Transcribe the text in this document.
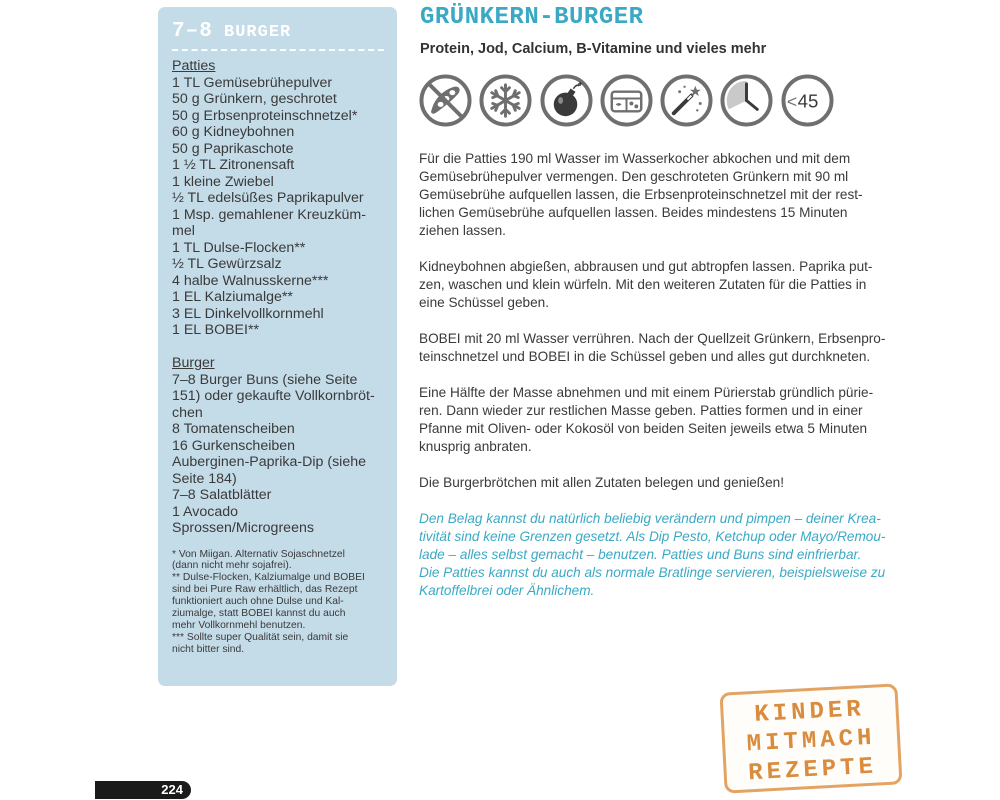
7–8 BURGER
Patties
1 TL Gemüsebrühepulver
50 g Grünkern, geschrotet
50 g Erbsenproteinschnetzel*
60 g Kidneybohnen
50 g Paprikaschote
1 ½ TL Zitronensaft
1 kleine Zwiebel
½ TL edelsüßes Paprikapulver
1 Msp. gemahlener Kreuzküm-
mel
1 TL Dulse-Flocken**
½ TL Gewürzsalz
4 halbe Walnusskerne***
1 EL Kalziumalge**
3 EL Dinkelvollkornmehl
1 EL BOBEI**
Burger
7–8 Burger Buns (siehe Seite
151) oder gekaufte Vollkornbröt-
chen
8 Tomatenscheiben
16 Gurkenscheiben
Auberginen-Paprika-Dip (siehe
Seite 184)
7–8 Salatblätter
1 Avocado
Sprossen/Microgreens
* Von Miigan. Alternativ Sojaschnetzel
(dann nicht mehr sojafrei).
** Dulse-Flocken, Kalziumalge und BOBEI
sind bei Pure Raw erhältlich, das Rezept
funktioniert auch ohne Dulse und Kal-
ziumalge, statt BOBEI kannst du auch
mehr Vollkornmehl benutzen.
*** Sollte super Qualität sein, damit sie
nicht bitter sind.
GRÜNKERN-BURGER
Protein, Jod, Calcium, B-Vitamine und vieles mehr
< 45
Für die Patties 190 ml Wasser im Wasserkocher abkochen und mit dem
Gemüsebrühepulver vermengen. Den geschroteten Grünkern mit 90 ml
Gemüsebrühe aufquellen lassen, die Erbsenproteinschnetzel mit der rest-
lichen Gemüsebrühe aufquellen lassen. Beides mindestens 15 Minuten
ziehen lassen.
Kidneybohnen abgießen, abbrausen und gut abtropfen lassen. Paprika put-
zen, waschen und klein würfeln. Mit den weiteren Zutaten für die Patties in
eine Schüssel geben.
BOBEI mit 20 ml Wasser verrühren. Nach der Quellzeit Grünkern, Erbsenpro-
teinschnetzel und BOBEI in die Schüssel geben und alles gut durchkneten.
Eine Hälfte der Masse abnehmen und mit einem Pürierstab gründlich pürie-
ren. Dann wieder zur restlichen Masse geben. Patties formen und in einer
Pfanne mit Oliven- oder Kokosöl von beiden Seiten jeweils etwa 5 Minuten
knusprig anbraten.
Die Burgerbrötchen mit allen Zutaten belegen und genießen!
Den Belag kannst du natürlich beliebig verändern und pimpen – deiner Krea-
tivität sind keine Grenzen gesetzt. Als Dip Pesto, Ketchup oder Mayo/Remou-
lade – alles selbst gemacht – benutzen. Patties und Buns sind einfrierbar.
Die Patties kannst du auch als normale Bratlinge servieren, beispielsweise zu
Kartoffelbrei oder Ähnlichem.
KINDER
MITMACH
REZEPTE
224
